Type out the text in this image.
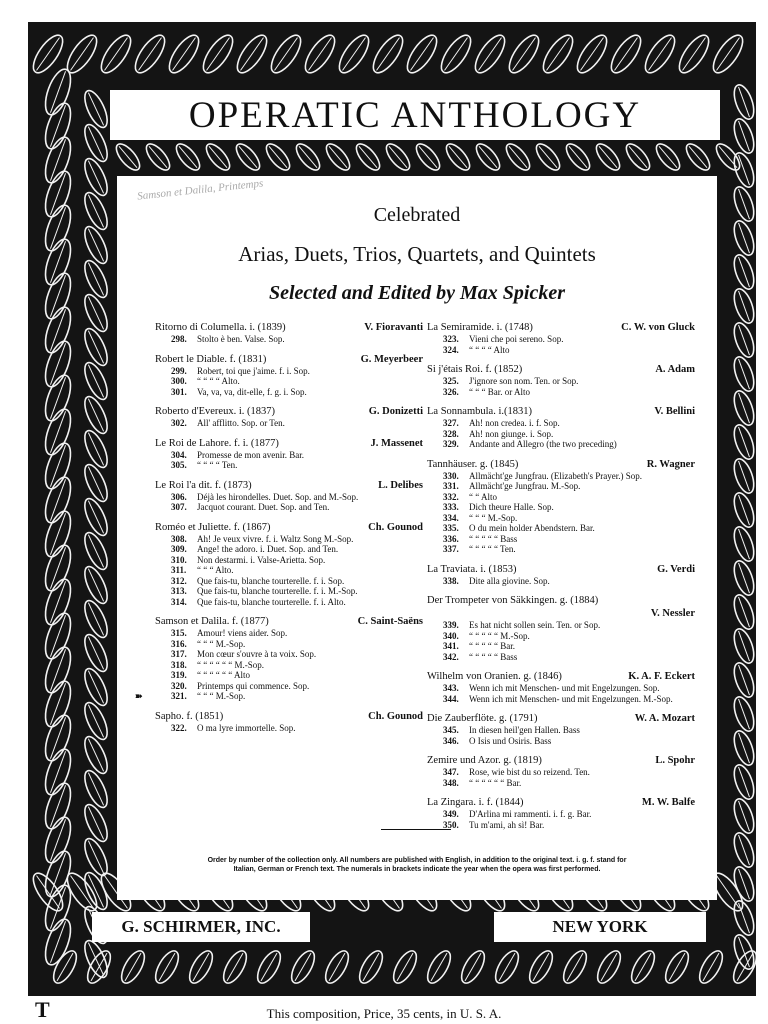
OPERATIC ANTHOLOGY
Samson et Dalila, Printemps
Celebrated
Arias, Duets, Trios, Quartets, and Quintets
Selected and Edited by Max Spicker
Ritorno di Columella. i. (1839)	V. Fioravanti
298. Stolto è ben. Valse. Sop.
Robert le Diable. f. (1831)	G. Meyerbeer
299. Robert, toi que j'aime. f. i. Sop.
300. “ “ “ “ Alto.
301. Va, va, va, dit-elle, f. g. i. Sop.
Roberto d'Evereux. i. (1837)	G. Donizetti
302. All' afflitto. Sop. or Ten.
Le Roi de Lahore. f. i. (1877)	J. Massenet
304. Promesse de mon avenir. Bar.
305. “ “ “ “ Ten.
Le Roi l'a dit. f. (1873)	L. Delibes
306. Déjà les hirondelles. Duet. Sop. and M.-Sop.
307. Jacquot courant. Duet. Sop. and Ten.
Roméo et Juliette. f. (1867)	Ch. Gounod
308. Ah! Je veux vivre. f. i. Waltz Song M.-Sop.
309. Ange! the adoro. i. Duet. Sop. and Ten.
310. Non destarmi. i. Valse-Arietta. Sop.
311. “ “ “ Alto.
312. Que fais-tu, blanche tourterelle. f. i. Sop.
313. Que fais-tu, blanche tourterelle. f. i. M.-Sop.
314. Que fais-tu, blanche tourterelle. f. i. Alto.
Samson et Dalila. f. (1877)	C. Saint-Saëns
315. Amour! viens aider. Sop.
316. “ “ “ M.-Sop.
317. Mon cœur s'ouvre à ta voix. Sop.
318. “ “ “ “ “ “ M.-Sop.
319. “ “ “ “ “ “ Alto
320. Printemps qui commence. Sop.
➽	321. “ “ “ M.-Sop.
Sapho. f. (1851)	Ch. Gounod
322. O ma lyre immortelle. Sop.
La Semiramide. i. (1748)	C. W. von Gluck
323. Vieni che poi sereno. Sop.
324. “ “ “ “ Alto
Si j'étais Roi. f. (1852)	A. Adam
325. J'ignore son nom. Ten. or Sop.
326. “ “ “ Bar. or Alto
La Sonnambula. i.(1831)	V. Bellini
327. Ah! non credea. i. f. Sop.
328. Ah! non giunge. i. Sop.
329. Andante and Allegro (the two preceding)
Tannhäuser. g. (1845)	R. Wagner
330. Allmächt'ge Jungfrau. (Elizabeth's Prayer.) Sop.
331. Allmächt'ge Jungfrau. M.-Sop.
332. “ “ Alto
333. Dich theure Halle. Sop.
334. “ “ “ M.-Sop.
335. O du mein holder Abendstern. Bar.
336. “ “ “ “ “ Bass
337. “ “ “ “ “ Ten.
La Traviata. i. (1853)	G. Verdi
338. Dite alla giovine. Sop.
Der Trompeter von Säkkingen. g. (1884)
V. Nessler
339. Es hat nicht sollen sein. Ten. or Sop.
340. “ “ “ “ “ M.-Sop.
341. “ “ “ “ “ Bar.
342. “ “ “ “ “ Bass
Wilhelm von Oranien. g. (1846)	K. A. F. Eckert
343. Wenn ich mit Menschen- und mit Engelzungen. Sop.
344. Wenn ich mit Menschen- und mit Engelzungen. M.-Sop.
Die Zauberflöte. g. (1791)	W. A. Mozart
345. In diesen heil'gen Hallen. Bass
346. O Isis und Osiris. Bass
Zemire und Azor. g. (1819)	L. Spohr
347. Rose, wie bist du so reizend. Ten.
348. “ “ “ “ “ “ Bar.
La Zingara. i. f. (1844)	M. W. Balfe
349. D'Arlina mi rammenti. i. f. g. Bar.
350. Tu m'ami, ah sì! Bar.
Order by number of the collection only. All numbers are published with English, in addition to the original text. i. g. f. stand for
Italian, German or French text. The numerals in brackets indicate the year when the opera was first performed.
G. SCHIRMER, INC.	NEW YORK
T	This composition, Price, 35 cents, in U. S. A.
